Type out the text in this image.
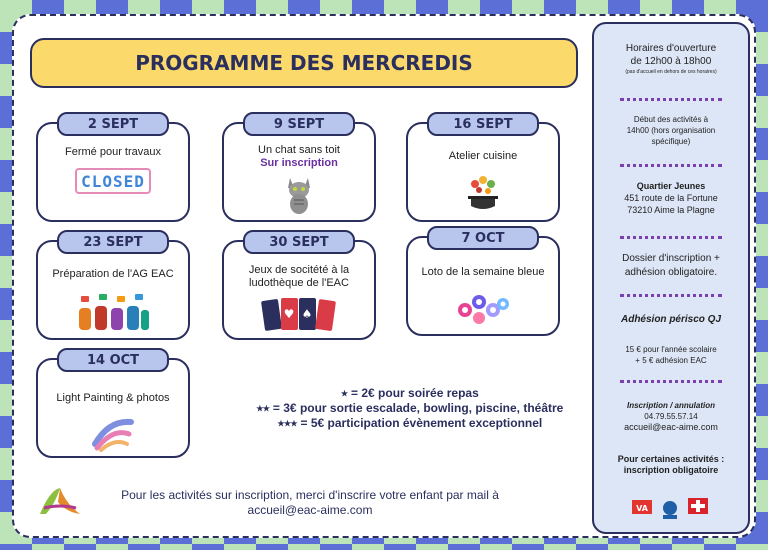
PROGRAMME DES MERCREDIS
2 SEPT
Fermé pour travaux
CLOSED
9 SEPT
Un chat sans toit
Sur inscription
16 SEPT
Atelier cuisine
23 SEPT
Préparation de l'AG EAC
30 SEPT
Jeux de socitété à la ludothèque de l'EAC
♥ ♠
7 OCT
Loto de la semaine bleue
14 OCT
Light Painting & photos	⭑ = 2€ pour soirée repas
⭑⭑ = 3€ pour sortie escalade, bowling, piscine, théâtre
⭑⭑⭑ = 5€ participation évènement exceptionnel
Pour les activités sur inscription, merci d'inscrire votre enfant par mail à
accueil@eac-aime.com
Horaires d'ouverture
de 12h00 à 18h00
(pas d'accueil en dehors de ces horaires)
Début des activités à
14h00 (hors organisation
spécifique)
Quartier Jeunes
451 route de la Fortune
73210 Aime la Plagne
Dossier d'inscription +
adhésion obligatoire.
Adhésion périsco QJ
15 € pour l'année scolaire
+ 5 € adhésion EAC
Inscription / annulation
04.79.55.57.14
accueil@eac-aime.com
Pour certaines activités :
inscription obligatoire
VA
